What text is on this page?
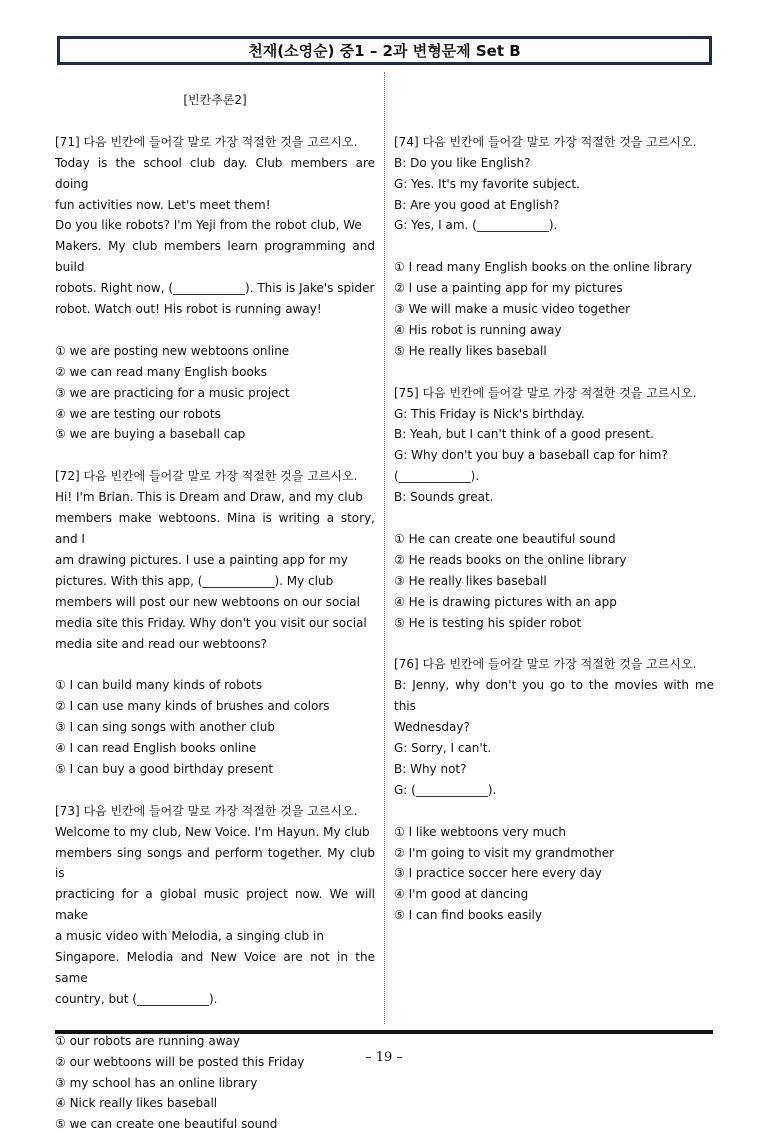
천재(소영순) 중1 – 2과 변형문제 Set B

[빈칸추론2]

[71] 다음 빈칸에 들어갈 말로 가장 적절한 것을 고르시오.

Today is the school club day. Club members are doing
fun activities now. Let's meet them!
Do you like robots? I'm Yeji from the robot club, We
Makers. My club members learn programming and build
robots. Right now, (____________). This is Jake's spider
robot. Watch out! His robot is running away!
① we are posting new webtoons online
② we can read many English books
③ we are practicing for a music project
④ we are testing our robots
⑤ we are buying a baseball cap

[72] 다음 빈칸에 들어갈 말로 가장 적절한 것을 고르시오.

Hi! I'm Brian. This is Dream and Draw, and my club
members make webtoons. Mina is writing a story, and I
am drawing pictures. I use a painting app for my
pictures. With this app, (____________). My club
members will post our new webtoons on our social
media site this Friday. Why don't you visit our social
media site and read our webtoons?
① I can build many kinds of robots
② I can use many kinds of brushes and colors
③ I can sing songs with another club
④ I can read English books online
⑤ I can buy a good birthday present

[73] 다음 빈칸에 들어갈 말로 가장 적절한 것을 고르시오.

Welcome to my club, New Voice. I'm Hayun. My club
members sing songs and perform together. My club is
practicing for a global music project now. We will make
a music video with Melodia, a singing club in
Singapore. Melodia and New Voice are not in the same
country, but (____________).
① our robots are running away
② our webtoons will be posted this Friday
③ my school has an online library
④ Nick really likes baseball
⑤ we can create one beautiful sound

[74] 다음 빈칸에 들어갈 말로 가장 적절한 것을 고르시오.

B: Do you like English?
G: Yes. It's my favorite subject.
B: Are you good at English?
G: Yes, I am. (____________).
① I read many English books on the online library
② I use a painting app for my pictures
③ We will make a music video together
④ His robot is running away
⑤ He really likes baseball

[75] 다음 빈칸에 들어갈 말로 가장 적절한 것을 고르시오.

G: This Friday is Nick's birthday.
B: Yeah, but I can't think of a good present.
G: Why don't you buy a baseball cap for him?
(____________).
B: Sounds great.
① He can create one beautiful sound
② He reads books on the online library
③ He really likes baseball
④ He is drawing pictures with an app
⑤ He is testing his spider robot

[76] 다음 빈칸에 들어갈 말로 가장 적절한 것을 고르시오.

B: Jenny, why don't you go to the movies with me this
Wednesday?
G: Sorry, I can't.
B: Why not?
G: (____________).
① I like webtoons very much
② I'm going to visit my grandmother
③ I practice soccer here every day
④ I'm good at dancing
⑤ I can find books easily
– 19 –
